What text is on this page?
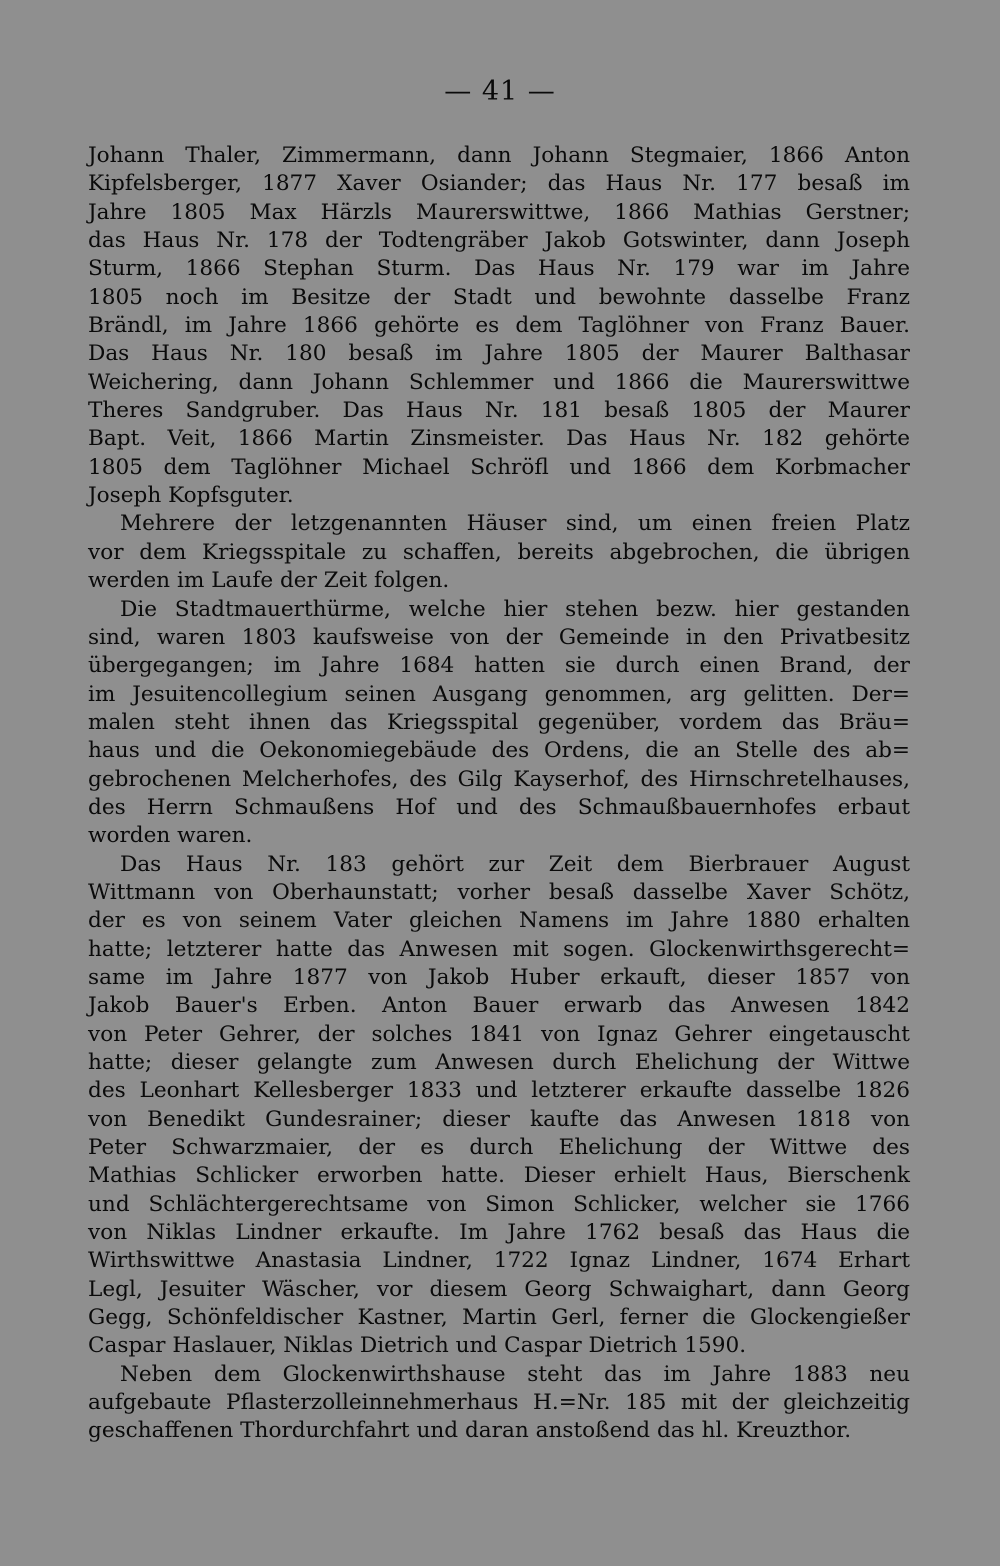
— 41 —
Johann Thaler, Zimmermann, dann Johann Stegmaier, 1866 Anton
Kipfelsberger, 1877 Xaver Osiander; das Haus Nr. 177 besaß im
Jahre 1805 Max Härzls Maurerswittwe, 1866 Mathias Gerstner;
das Haus Nr. 178 der Todtengräber Jakob Gotswinter, dann Joseph
Sturm, 1866 Stephan Sturm. Das Haus Nr. 179 war im Jahre
1805 noch im Besitze der Stadt und bewohnte dasselbe Franz
Brändl, im Jahre 1866 gehörte es dem Taglöhner von Franz Bauer.
Das Haus Nr. 180 besaß im Jahre 1805 der Maurer Balthasar
Weichering, dann Johann Schlemmer und 1866 die Maurerswittwe
Theres Sandgruber. Das Haus Nr. 181 besaß 1805 der Maurer
Bapt. Veit, 1866 Martin Zinsmeister. Das Haus Nr. 182 gehörte
1805 dem Taglöhner Michael Schröfl und 1866 dem Korbmacher
Joseph Kopfsguter.
Mehrere der letzgenannten Häuser sind, um einen freien Platz
vor dem Kriegsspitale zu schaffen, bereits abgebrochen, die übrigen
werden im Laufe der Zeit folgen.
Die Stadtmauerthürme, welche hier stehen bezw. hier gestanden
sind, waren 1803 kaufsweise von der Gemeinde in den Privatbesitz
übergegangen; im Jahre 1684 hatten sie durch einen Brand, der
im Jesuitencollegium seinen Ausgang genommen, arg gelitten. Der=
malen steht ihnen das Kriegsspital gegenüber, vordem das Bräu=
haus und die Oekonomiegebäude des Ordens, die an Stelle des ab=
gebrochenen Melcherhofes, des Gilg Kayserhof, des Hirnschretelhauses,
des Herrn Schmaußens Hof und des Schmaußbauernhofes erbaut
worden waren.
Das Haus Nr. 183 gehört zur Zeit dem Bierbrauer August
Wittmann von Oberhaunstatt; vorher besaß dasselbe Xaver Schötz,
der es von seinem Vater gleichen Namens im Jahre 1880 erhalten
hatte; letzterer hatte das Anwesen mit sogen. Glockenwirthsgerecht=
same im Jahre 1877 von Jakob Huber erkauft, dieser 1857 von
Jakob Bauer's Erben. Anton Bauer erwarb das Anwesen 1842
von Peter Gehrer, der solches 1841 von Ignaz Gehrer eingetauscht
hatte; dieser gelangte zum Anwesen durch Ehelichung der Wittwe
des Leonhart Kellesberger 1833 und letzterer erkaufte dasselbe 1826
von Benedikt Gundesrainer; dieser kaufte das Anwesen 1818 von
Peter Schwarzmaier, der es durch Ehelichung der Wittwe des
Mathias Schlicker erworben hatte. Dieser erhielt Haus, Bierschenk
und Schlächtergerechtsame von Simon Schlicker, welcher sie 1766
von Niklas Lindner erkaufte. Im Jahre 1762 besaß das Haus die
Wirthswittwe Anastasia Lindner, 1722 Ignaz Lindner, 1674 Erhart
Legl, Jesuiter Wäscher, vor diesem Georg Schwaighart, dann Georg
Gegg, Schönfeldischer Kastner, Martin Gerl, ferner die Glockengießer
Caspar Haslauer, Niklas Dietrich und Caspar Dietrich 1590.
Neben dem Glockenwirthshause steht das im Jahre 1883 neu
aufgebaute Pflasterzolleinnehmerhaus H.=Nr. 185 mit der gleichzeitig
geschaffenen Thordurchfahrt und daran anstoßend das hl. Kreuzthor.
